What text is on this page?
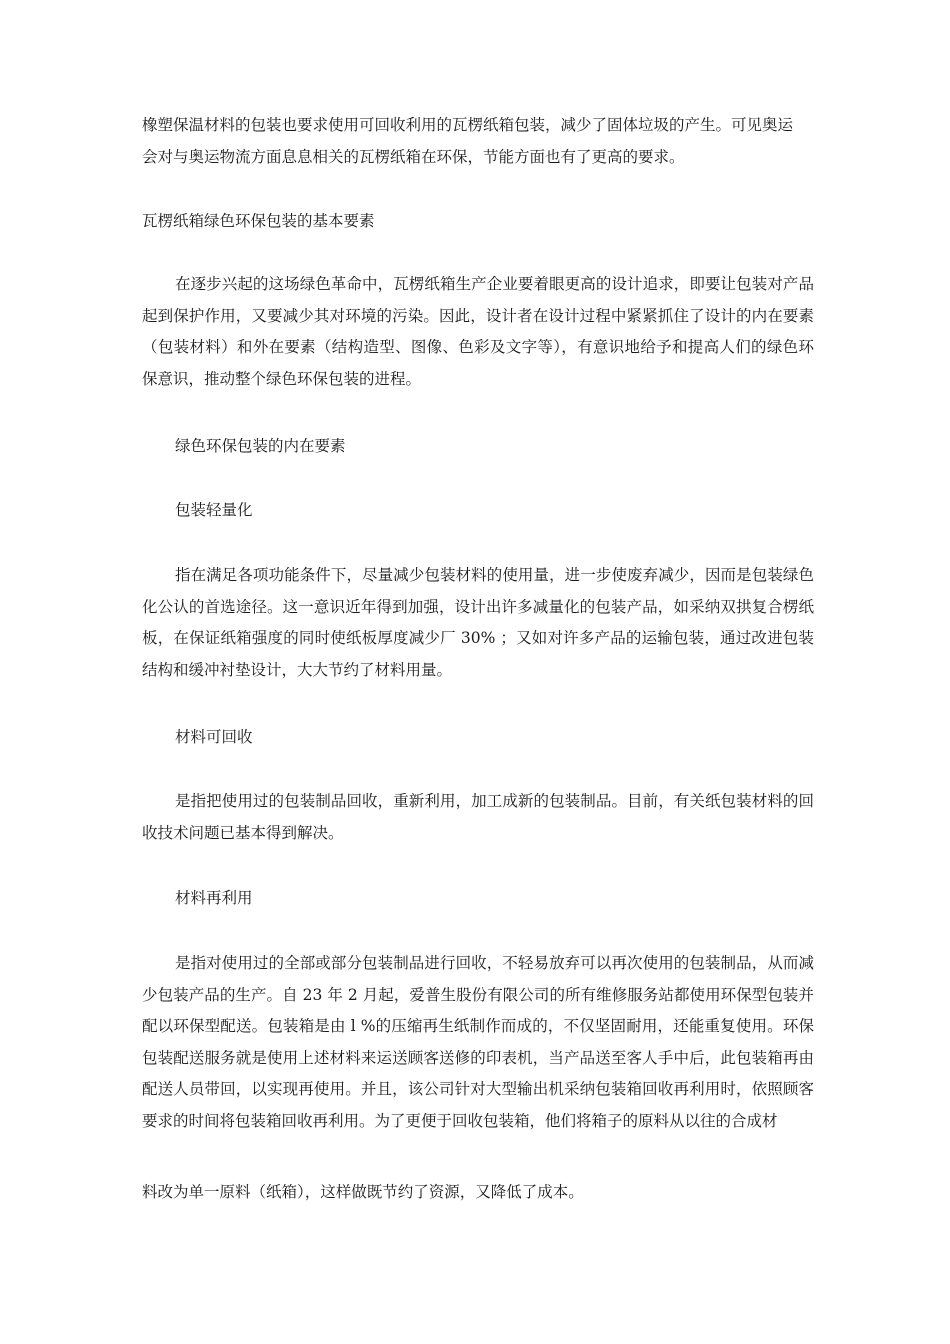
橡塑保温材料的包装也要求使用可回收利用的瓦楞纸箱包装，减少了固体垃圾的产生。可见奥运
会对与奥运物流方面息息相关的瓦楞纸箱在环保，节能方面也有了更高的要求。

瓦楞纸箱绿色环保包装的基本要素

在逐步兴起的这场绿色革命中，瓦楞纸箱生产企业要着眼更高的设计追求，即要让包装对产品起到保护作用，又要减少其对环境的污染。因此，设计者在设计过程中紧紧抓住了设计的内在要素（包装材料）和外在要素（结构造型、图像、色彩及文字等），有意识地给予和提高人们的绿色环保意识，推动整个绿色环保包装的进程。

绿色环保包装的内在要素

包装轻量化

指在满足各项功能条件下，尽量减少包装材料的使用量，进一步使废弃减少，因而是包装绿色化公认的首选途径。这一意识近年得到加强，设计出许多减量化的包装产品，如采纳双拱复合楞纸板，在保证纸箱强度的同时使纸板厚度减少厂 30% ；又如对许多产品的运输包装，通过改进包装结构和缓冲衬垫设计，大大节约了材料用量。

材料可回收

是指把使用过的包装制品回收，重新利用，加工成新的包装制品。目前，有关纸包装材料的回收技术问题已基本得到解决。

材料再利用

是指对使用过的全部或部分包装制品进行回收，不轻易放弃可以再次使用的包装制品，从而减少包装产品的生产。自 23 年 2 月起，爱普生股份有限公司的所有维修服务站都使用环保型包装并配以环保型配送。包装箱是由 l %的压缩再生纸制作而成的，不仅坚固耐用，还能重复使用。环保包装配送服务就是使用上述材料来运送顾客送修的印表机，当产品送至客人手中后，此包装箱再由配送人员带回，以实现再使用。并且，该公司针对大型输出机采纳包装箱回收再利用时，依照顾客要求的时间将包装箱回收再利用。为了更便于回收包装箱，他们将箱子的原料从以往的合成材

料改为单一原料（纸箱），这样做既节约了资源，又降低了成本。
